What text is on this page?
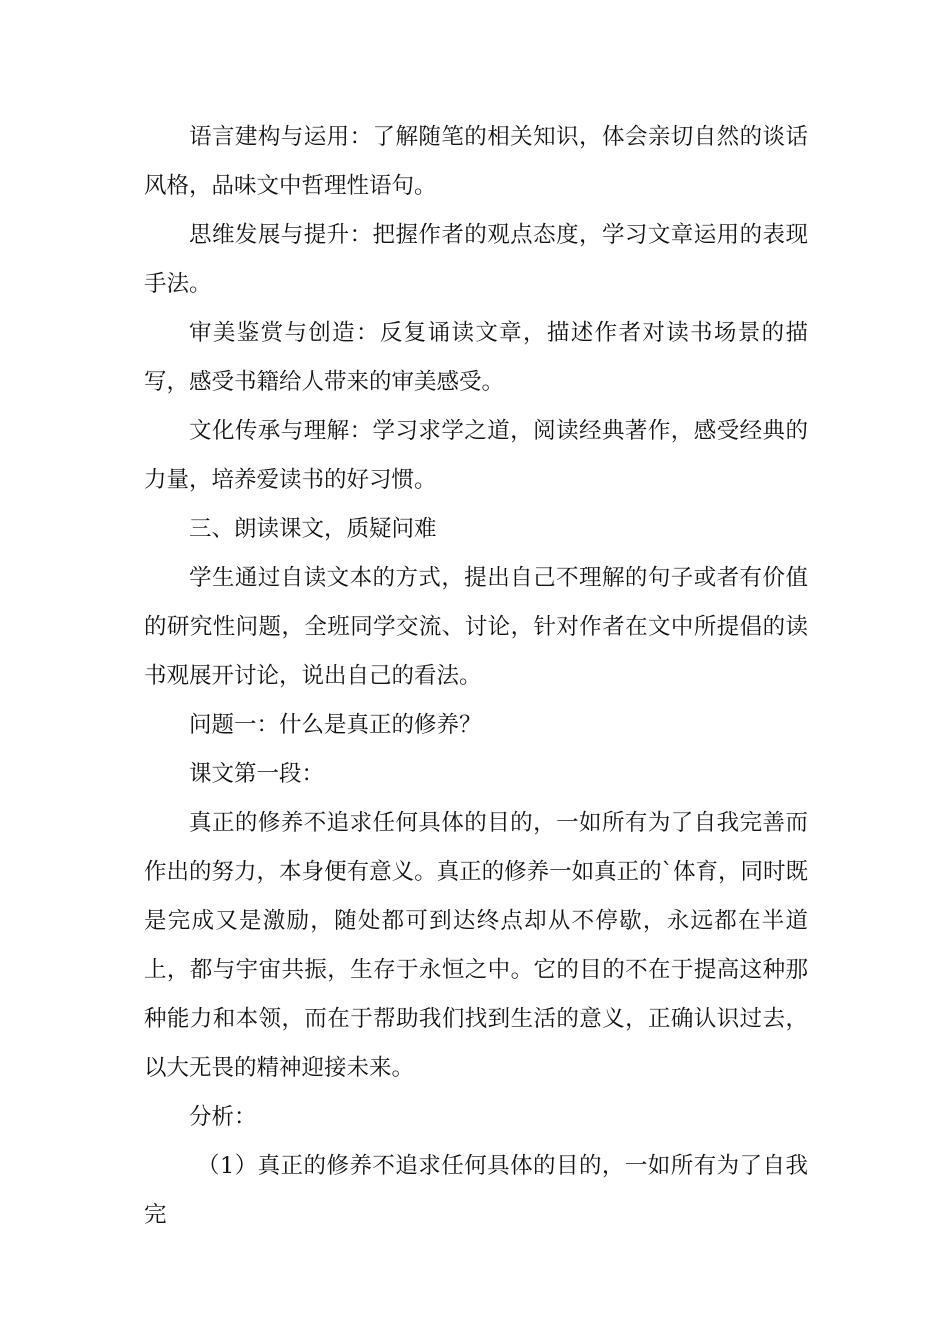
语言建构与运用：了解随笔的相关知识，体会亲切自然的谈话风格，品味文中哲理性语句。

思维发展与提升：把握作者的观点态度，学习文章运用的表现手法。

审美鉴赏与创造：反复诵读文章，描述作者对读书场景的描写，感受书籍给人带来的审美感受。

文化传承与理解：学习求学之道，阅读经典著作，感受经典的力量，培养爱读书的好习惯。

三、朗读课文，质疑问难

学生通过自读文本的方式，提出自己不理解的句子或者有价值的研究性问题，全班同学交流、讨论，针对作者在文中所提倡的读书观展开讨论，说出自己的看法。

问题一：什么是真正的修养？

课文第一段：

真正的修养不追求任何具体的目的，一如所有为了自我完善而作出的努力，本身便有意义。真正的修养一如真正的`体育，同时既是完成又是激励，随处都可到达终点却从不停歇，永远都在半道上，都与宇宙共振，生存于永恒之中。它的目的不在于提高这种那种能力和本领，而在于帮助我们找到生活的意义，正确认识过去，以大无畏的精神迎接未来。

分析：

（1）真正的修养不追求任何具体的目的，一如所有为了自我完
